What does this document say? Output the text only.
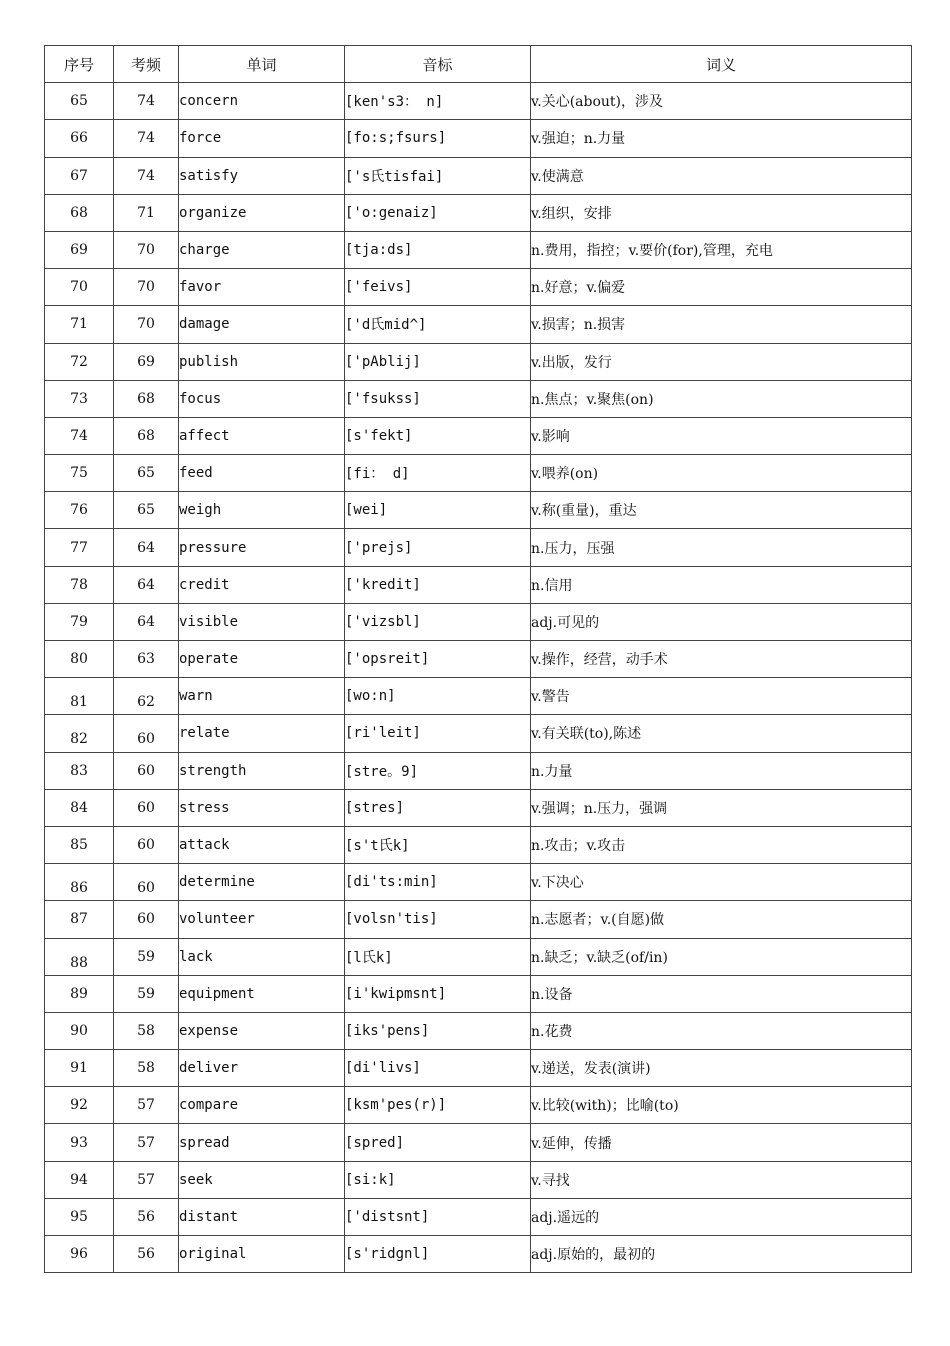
序号	考频	单词	音标	词义
65	74	concern	[ken's3： n]	v.关心(about)，涉及
66	74	force	[fo:s;fsurs]	v.强迫；n.力量
67	74	satisfy	['s氏tisfai]	v.使满意
68	71	organize	['o:genaiz]	v.组织，安排
69	70	charge	[tja:ds]	n.费用，指控；v.要价(for),管理，充电
70	70	favor	['feivs]	n.好意；v.偏爱
71	70	damage	['d氏mid^]	v.损害；n.损害
72	69	publish	['pAblij]	v.出版，发行
73	68	focus	['fsukss]	n.焦点；v.聚焦(on)
74	68	affect	[s'fekt]	v.影响
75	65	feed	[fi： d]	v.喂养(on)
76	65	weigh	[wei]	v.称(重量)，重达
77	64	pressure	['prejs]	n.压力，压强
78	64	credit	['kredit]	n.信用
79	64	visible	['vizsbl]	adj.可见的
80	63	operate	['opsreit]	v.操作，经营，动手术
81	62	warn	[wo:n]	v.警告
82	60	relate	[ri'leit]	v.有关联(to),陈述
83	60	strength	[stre。9]	n.力量
84	60	stress	[stres]	v.强调；n.压力，强调
85	60	attack	[s't氏k]	n.攻击；v.攻击
86	60	determine	[di'ts:min]	v.下决心
87	60	volunteer	[volsn'tis]	n.志愿者；v.(自愿)做
88	59	lack	[l氏k]	n.缺乏；v.缺乏(of/in)
89	59	equipment	[i'kwipmsnt]	n.设备
90	58	expense	[iks'pens]	n.花费
91	58	deliver	[di'livs]	v.递送，发表(演讲)
92	57	compare	[ksm'pes(r)]	v.比较(with)；比喻(to)
93	57	spread	[spred]	v.延伸，传播
94	57	seek	[si:k]	v.寻找
95	56	distant	['distsnt]	adj.遥远的
96	56	original	[s'ridgnl]	adj.原始的，最初的
